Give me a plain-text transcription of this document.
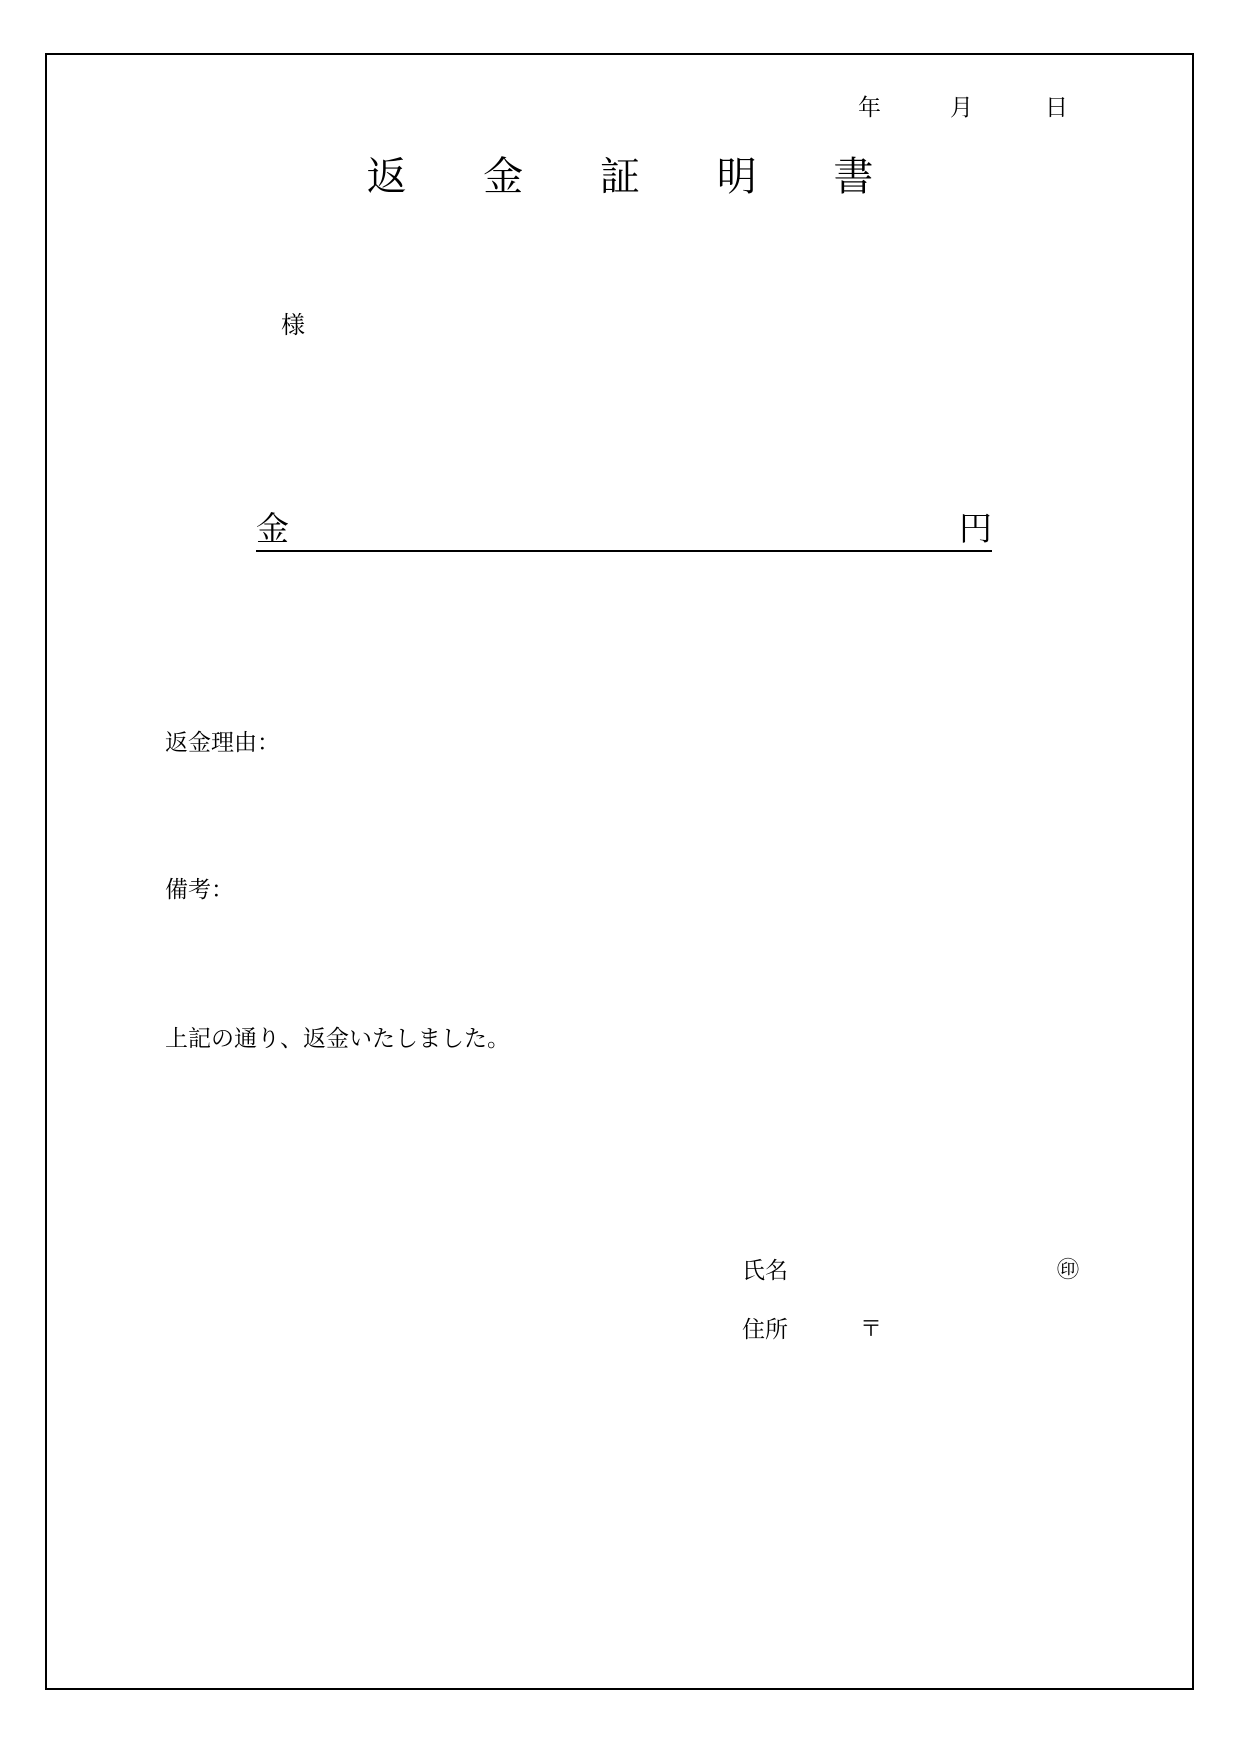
年	月	日
返 金 証 明 書
様
金	円
返金理由：
備考：
上記の通り、返金いたしました。
氏名	㊞
住所	〒
